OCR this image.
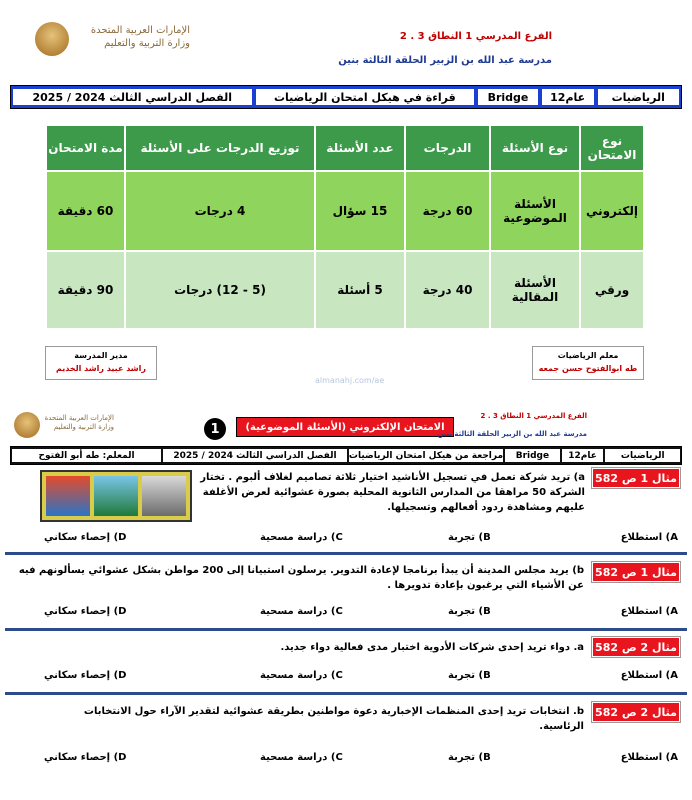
الإمارات العربية المتحدة
وزارة التربية والتعليم
الفرع المدرسي 1 النطاق 3 . 2
مدرسة عبد الله بن الزبير الحلقة الثالثة بنين
الرياضيات
12عام
Bridge
قراءة في هيكل امتحان الرياضيات
الفصل الدراسي الثالث 2024 / 2025
نوع الامتحان	نوع الأسئلة	الدرجات	عدد الأسئلة	توزيع الدرجات على الأسئلة	مدة الامتحان
إلكتروني	الأسئلة الموضوعية	60 درجة	15 سؤال	4 درجات	60 دقيقة
ورقي	الأسئلة المقالية	40 درجة	5 أسئلة	(5 - 12) درجات	90 دقيقة
معلم الرياضيات
طه ابوالفتوح حسن جمعه
مدير المدرسة
راشد عبيد راشد الخديم
almanahj.com/ae
الإمارات العربية المتحدة
وزارة التربية والتعليم	1	الامتحان الإلكتروني (الأسئلة الموضوعية)
الفرع المدرسي 1 النطاق 3 . 2
مدرسة عبد الله بن الزبير الحلقة الثالثة بنين
الرياضيات
12عام
Bridge
مراجعة من هيكل امتحان الرياضيات
الفصل الدراسي الثالث 2024 / 2025
المعلم: طه أبو الفتوح
مثال 1 ص 582
a) تريد شركة تعمل في تسجيل الأناشيد اختيار ثلاثة تصاميم لغلاف ألبوم . تختار الشركة 50 مراهقا من المدارس الثانوية المحلية بصورة عشوائية لعرض الأغلفة عليهم ومشاهدة ردود أفعالهم وتسجيلها.
A) استطلاع
B) تجربة
C) دراسة مسحية
D) إحصاء سكاني
مثال 1 ص 582
b) يريد مجلس المدينة أن يبدأ برنامجا لإعادة التدوير. يرسلون استبيانا إلى 200 مواطن بشكل عشوائي يسألونهم فيه عن الأشياء التي يرغبون بإعادة تدويرها .
A) استطلاع
B) تجربة
C) دراسة مسحية
D) إحصاء سكاني
مثال 2 ص 582
a. دواء تريد إحدى شركات الأدوية اختبار مدى فعالية دواء جديد.
A) استطلاع
B) تجربة
C) دراسة مسحية
D) إحصاء سكاني
مثال 2 ص 582
b. انتخابات تريد إحدى المنظمات الإخبارية دعوة مواطنين بطريقة عشوائية لتقدير الآراء حول الانتخابات الرئاسية.
A) استطلاع
B) تجربة
C) دراسة مسحية
D) إحصاء سكاني
